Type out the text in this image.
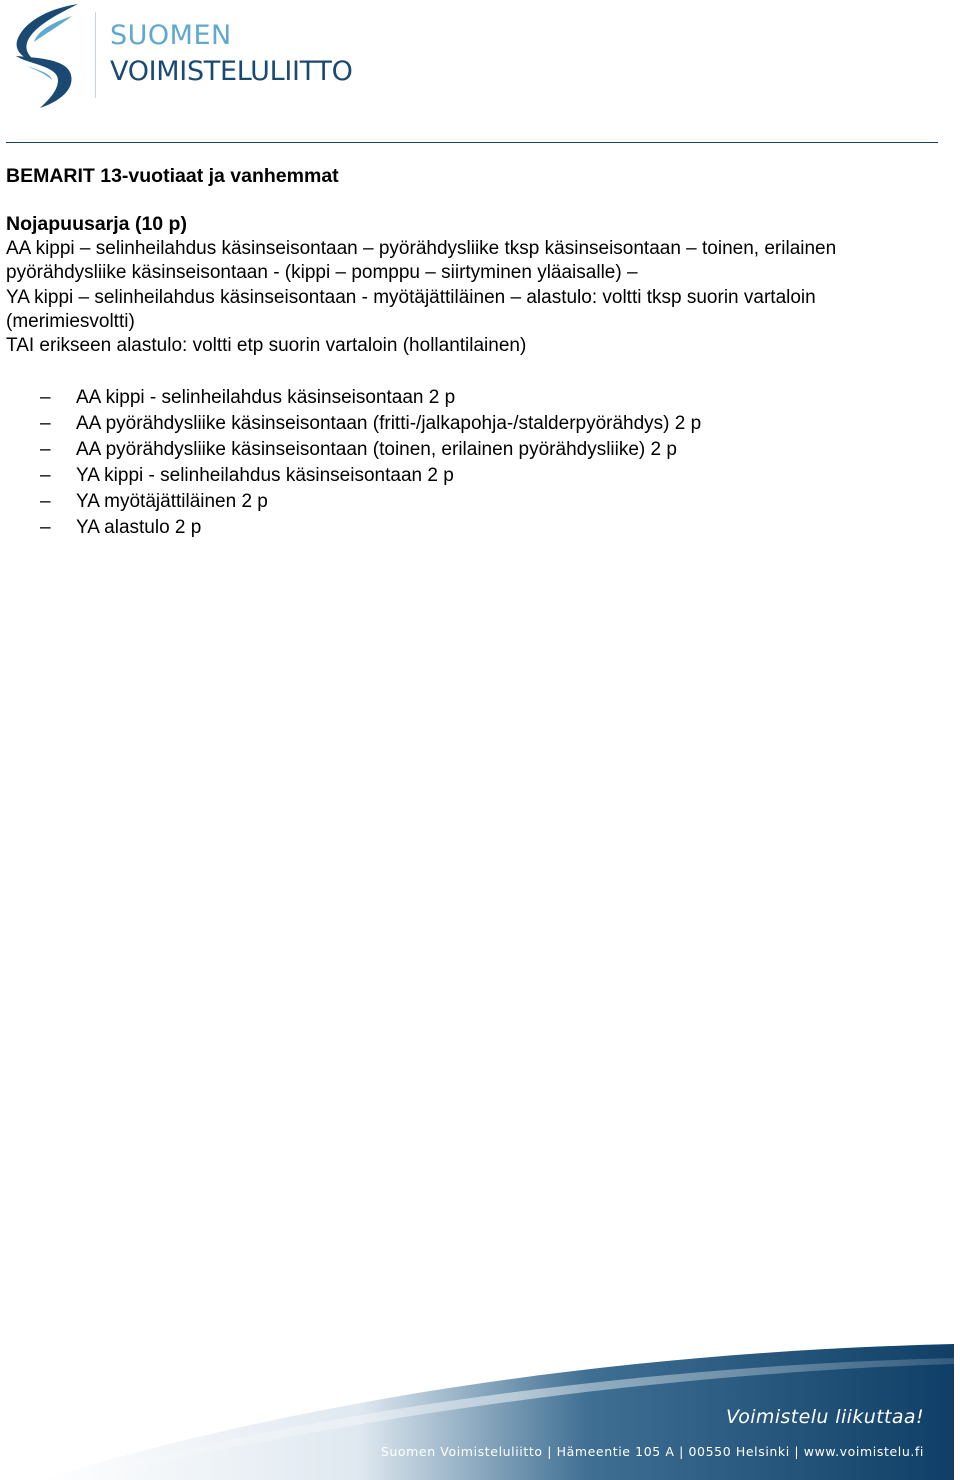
SUOMEN
VOIMISTELULIITTO

BEMARIT 13-vuotiaat ja vanhemmat

Nojapuusarja (10 p)

AA kippi – selinheilahdus käsinseisontaan – pyörähdysliike tksp käsinseisontaan – toinen, erilainen

pyörähdysliike käsinseisontaan - (kippi – pomppu – siirtyminen yläaisalle) –

YA kippi – selinheilahdus käsinseisontaan - myötäjättiläinen – alastulo: voltti tksp suorin vartaloin

(merimiesvoltti)

TAI erikseen alastulo: voltti etp suorin vartaloin (hollantilainen)

– AA kippi - selinheilahdus käsinseisontaan 2 p
– AA pyörähdysliike käsinseisontaan (fritti-/jalkapohja-/stalderpyörähdys) 2 p
– AA pyörähdysliike käsinseisontaan (toinen, erilainen pyörähdysliike) 2 p
– YA kippi - selinheilahdus käsinseisontaan 2 p
– YA myötäjättiläinen 2 p
– YA alastulo 2 p
Voimistelu liikuttaa!
Suomen Voimisteluliitto | Hämeentie 105 A | 00550 Helsinki | www.voimistelu.fi
